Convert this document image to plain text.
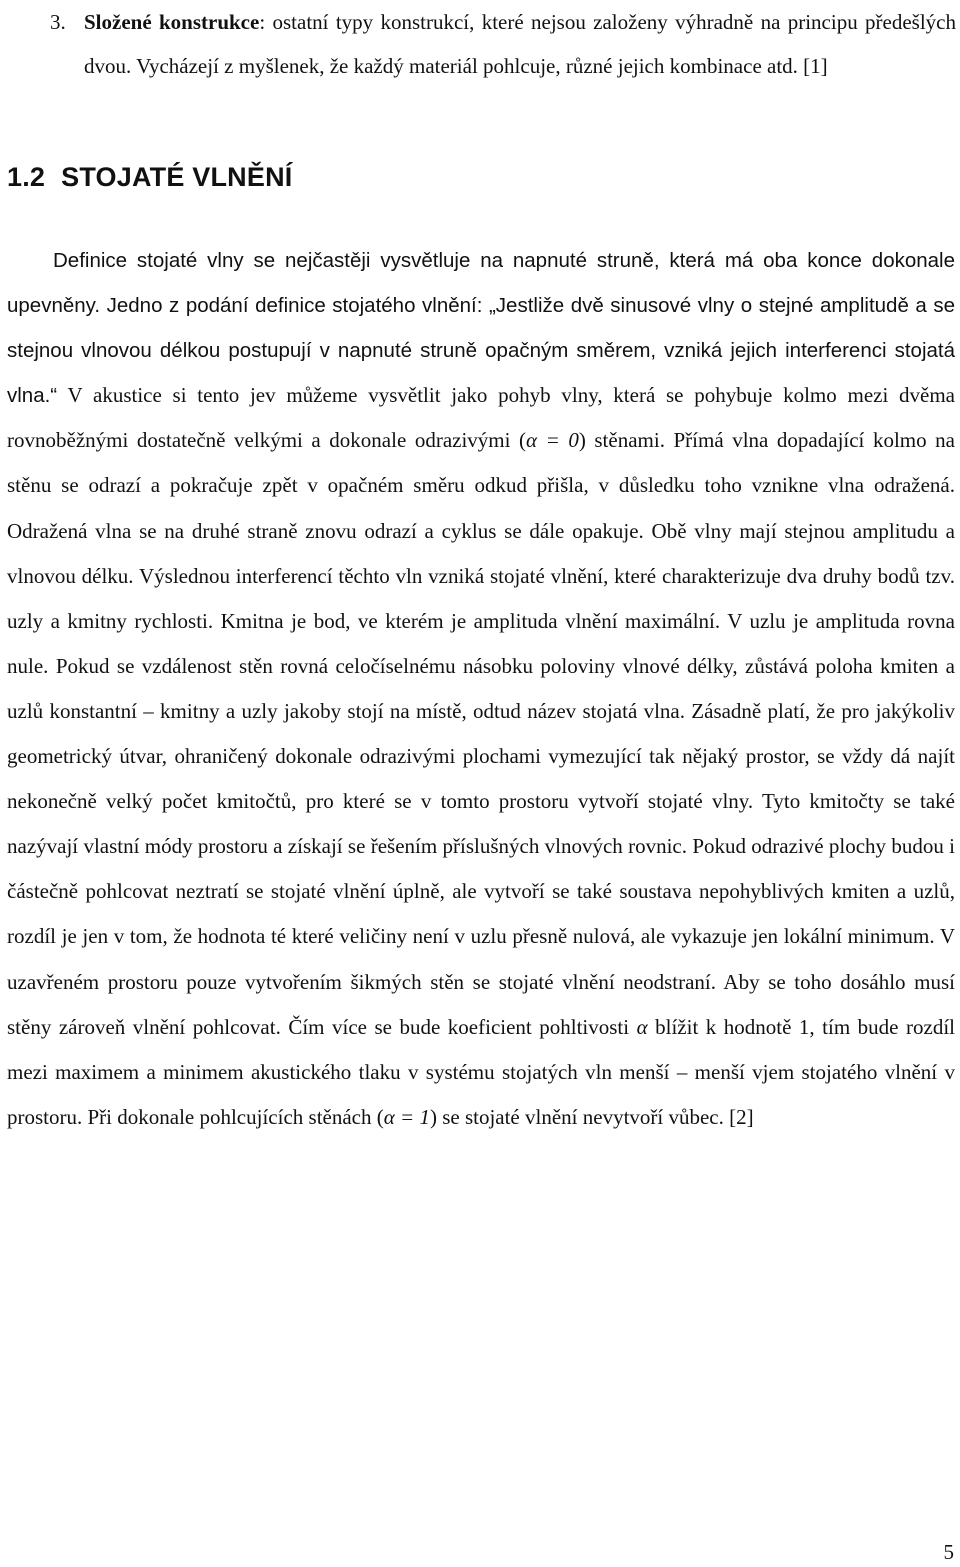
3. Složené konstrukce: ostatní typy konstrukcí, které nejsou založeny výhradně na principu předešlých dvou. Vycházejí z myšlenek, že každý materiál pohlcuje, různé jejich kombinace atd. [1]
1.2 STOJATÉ VLNĚNÍ
Definice stojaté vlny se nejčastěji vysvětluje na napnuté struně, která má oba konce dokonale upevněny. Jedno z podání definice stojatého vlnění: „Jestliže dvě sinusové vlny o stejné amplitudě a se stejnou vlnovou délkou postupují v napnuté struně opačným směrem, vzniká jejich interferenci stojatá vlna.“ V akustice si tento jev můžeme vysvětlit jako pohyb vlny, která se pohybuje kolmo mezi dvěma rovnoběžnými dostatečně velkými a dokonale odrazivými (α = 0) stěnami. Přímá vlna dopadající kolmo na stěnu se odrazí a pokračuje zpět v opačném směru odkud přišla, v důsledku toho vznikne vlna odražená. Odražená vlna se na druhé straně znovu odrazí a cyklus se dále opakuje. Obě vlny mají stejnou amplitudu a vlnovou délku. Výslednou interferencí těchto vln vzniká stojaté vlnění, které charakterizuje dva druhy bodů tzv. uzly a kmitny rychlosti. Kmitna je bod, ve kterém je amplituda vlnění maximální. V uzlu je amplituda rovna nule. Pokud se vzdálenost stěn rovná celočíselnému násobku poloviny vlnové délky, zůstává poloha kmiten a uzlů konstantní – kmitny a uzly jakoby stojí na místě, odtud název stojatá vlna. Zásadně platí, že pro jakýkoliv geometrický útvar, ohraničený dokonale odrazivými plochami vymezující tak nějaký prostor, se vždy dá najít nekonečně velký počet kmitočtů, pro které se v tomto prostoru vytvoří stojaté vlny. Tyto kmitočty se také nazývají vlastní módy prostoru a získají se řešením příslušných vlnových rovnic. Pokud odrazivé plochy budou i částečně pohlcovat neztratí se stojaté vlnění úplně, ale vytvoří se také soustava nepohyblivých kmiten a uzlů, rozdíl je jen v tom, že hodnota té které veličiny není v uzlu přesně nulová, ale vykazuje jen lokální minimum. V uzavřeném prostoru pouze vytvořením šikmých stěn se stojaté vlnění neodstraní. Aby se toho dosáhlo musí stěny zároveň vlnění pohlcovat. Čím více se bude koeficient pohltivosti α blížit k hodnotě 1, tím bude rozdíl mezi maximem a minimem akustického tlaku v systému stojatých vln menší – menší vjem stojatého vlnění v prostoru. Při dokonale pohlcujících stěnách (α = 1) se stojaté vlnění nevytvoří vůbec. [2]
5
